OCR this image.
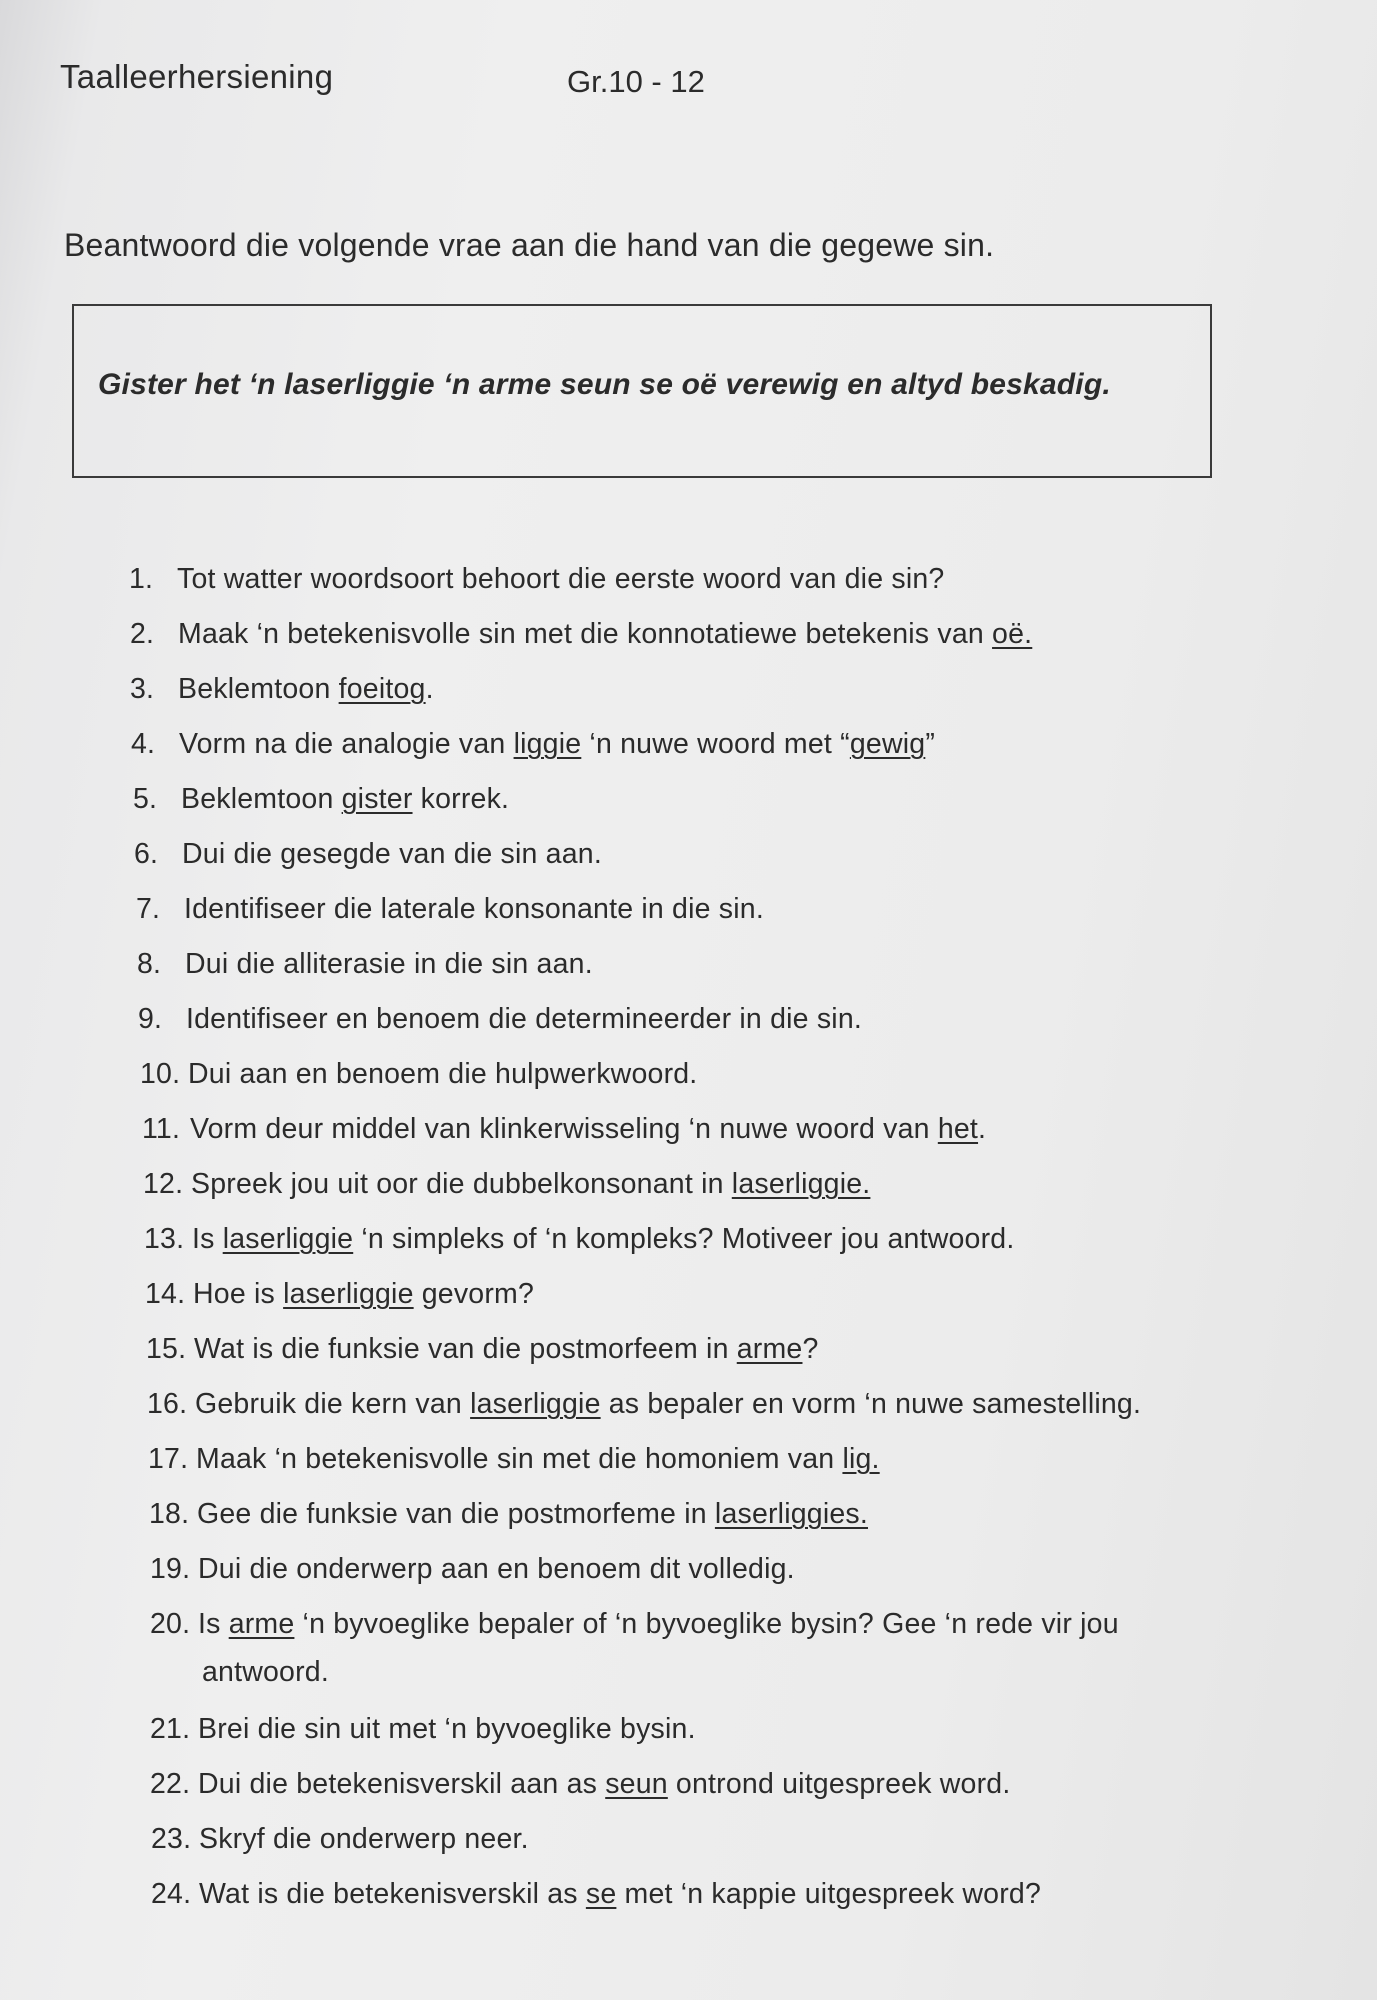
Taalleerhersiening	Gr.10 - 12
Beantwoord die volgende vrae aan die hand van die gegewe sin.
Gister het ‘n laserliggie ‘n arme seun se oë verewig en altyd beskadig.
1. Tot watter woordsoort behoort die eerste woord van die sin?
2. Maak ‘n betekenisvolle sin met die konnotatiewe betekenis van oë.
3. Beklemtoon foeitog.
4. Vorm na die analogie van liggie ‘n nuwe woord met “gewig”
5. Beklemtoon gister korrek.
6. Dui die gesegde van die sin aan.
7. Identifiseer die laterale konsonante in die sin.
8. Dui die alliterasie in die sin aan.
9. Identifiseer en benoem die determineerder in die sin.
10. Dui aan en benoem die hulpwerkwoord.
11. Vorm deur middel van klinkerwisseling ‘n nuwe woord van het.
12. Spreek jou uit oor die dubbelkonsonant in laserliggie.
13. Is laserliggie ‘n simpleks of ‘n kompleks? Motiveer jou antwoord.
14. Hoe is laserliggie gevorm?
15. Wat is die funksie van die postmorfeem in arme?
16. Gebruik die kern van laserliggie as bepaler en vorm ‘n nuwe samestelling.
17. Maak ‘n betekenisvolle sin met die homoniem van lig.
18. Gee die funksie van die postmorfeme in laserliggies.
19. Dui die onderwerp aan en benoem dit volledig.
20. Is arme ‘n byvoeglike bepaler of ‘n byvoeglike bysin? Gee ‘n rede vir jou
antwoord.
21. Brei die sin uit met ‘n byvoeglike bysin.
22. Dui die betekenisverskil aan as seun ontrond uitgespreek word.
23. Skryf die onderwerp neer.
24. Wat is die betekenisverskil as se met ‘n kappie uitgespreek word?
